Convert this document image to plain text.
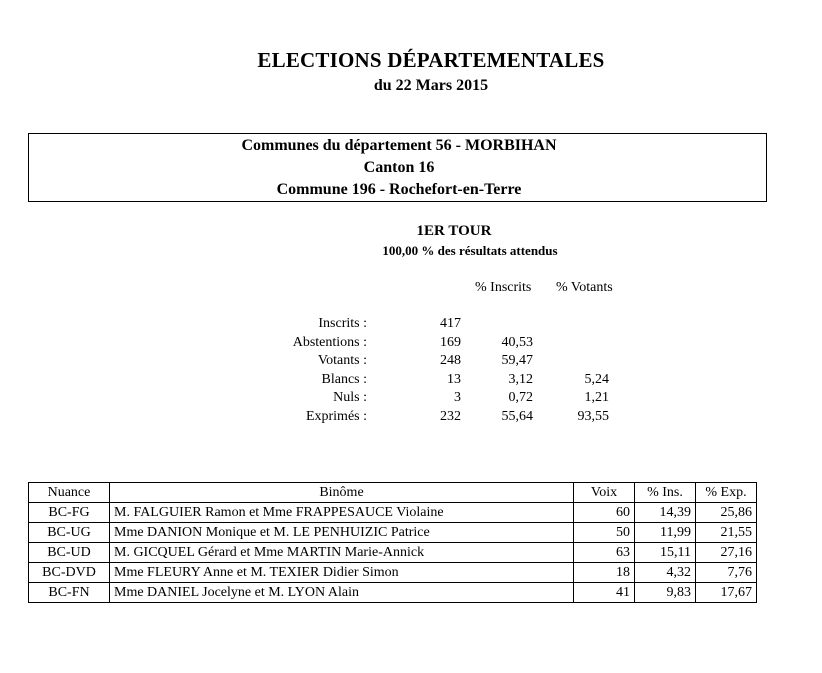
ELECTIONS DÉPARTEMENTALES
du 22 Mars 2015
Communes du département 56 - MORBIHAN
Canton 16
Commune 196 - Rochefort-en-Terre
1ER TOUR
100,00 % des résultats attendus
% Inscrits % Votants
Inscrits :	417
Abstentions :	169	40,53
Votants :	248	59,47
Blancs :	13	3,12	5,24
Nuls :	3	0,72	1,21
Exprimés :	232	55,64	93,55
Nuance	Binôme	Voix	% Ins.	% Exp.
BC-FG	M. FALGUIER Ramon et Mme FRAPPESAUCE Violaine	60	14,39	25,86
BC-UG	Mme DANION Monique et M. LE PENHUIZIC Patrice	50	11,99	21,55
BC-UD	M. GICQUEL Gérard et Mme MARTIN Marie-Annick	63	15,11	27,16
BC-DVD	Mme FLEURY Anne et M. TEXIER Didier Simon	18	4,32	7,76
BC-FN	Mme DANIEL Jocelyne et M. LYON Alain	41	9,83	17,67
